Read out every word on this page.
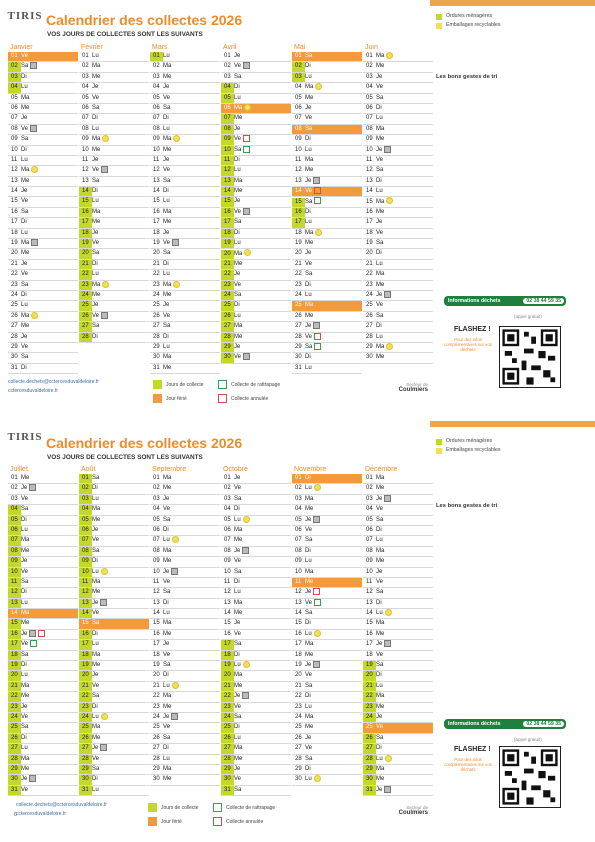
TIRIS Calendrier des collectes 2026
VOS JOURS DE COLLECTES SONT LES SUIVANTS
Janvier
01 Ve
02 Sa
03 Di
04 Lu
05 Ma
06 Me
07 Je
08 Ve
09 Sa
10 Di
11 Lu
12 Ma
13 Me
14 Je
15 Ve
16 Sa
17 Di
18 Lu
19 Ma
20 Me
21 Je
22 Ve
23 Sa
24 Di
25 Lu
26 Ma
27 Me
28 Je
29 Ve
30 Sa
31 Di
Février
01 Lu
02 Ma
03 Me
04 Je
05 Ve
06 Sa
07 Di
08 Lu
09 Ma
10 Me
11 Je
12 Ve
13 Sa
14 Di
15 Lu
16 Ma
17 Me
18 Je
19 Ve
20 Sa
21 Di
22 Lu
23 Ma
24 Me
25 Je
26 Ve
27 Sa
28 Di
Mars
01 Lu
02 Ma
03 Me
04 Je
05 Ve
06 Sa
07 Di
08 Lu
09 Ma
10 Me
11 Je
12 Ve
13 Sa
14 Di
15 Lu
16 Ma
17 Me
18 Je
19 Ve
20 Sa
21 Di
22 Lu
23 Ma
24 Me
25 Je
26 Ve
27 Sa
28 Di
29 Lu
30 Ma
31 Me
Avril
01 Je
02 Ve
03 Sa
04 Di
05 Lu
06 Ma
07 Me
08 Je
09 Ve
10 Sa
11 Di
12 Lu
13 Ma
14 Me
15 Je
16 Ve
17 Sa
18 Di
19 Lu
20 Ma
21 Me
22 Je
23 Ve
24 Sa
25 Di
26 Lu
27 Ma
28 Me
29 Je
30 Ve
Mai
01 Sa
02 Di
03 Lu
04 Ma
05 Me
06 Je
07 Ve
08 Sa
09 Di
10 Lu
11 Ma
12 Me
13 Je
14 Ve
15 Sa
16 Di
17 Lu
18 Ma
19 Me
20 Je
21 Ve
22 Sa
23 Di
24 Lu
25 Ma
26 Me
27 Je
28 Ve
29 Sa
30 Di
31 Lu
Juin
01 Ma
02 Me
03 Je
04 Ve
05 Sa
06 Di
07 Lu
08 Ma
09 Me
10 Je
11 Ve
12 Sa
13 Di
14 Lu
15 Ma
16 Me
17 Je
18 Ve
19 Sa
20 Di
21 Lu
22 Ma
23 Me
24 Je
25 Ve
26 Sa
27 Di
28 Lu
29 Ma
30 Me
Ordures ménagères
Emballages recyclables
Les bons gestes de tri
Informations déchets	02 38 44 59 35
(appel gratuit)
FLASHEZ !
Pour des infos complémentaires sur vos déchets
collecte.dechets@cctercesduvaldeloire.fr
cctercesduvaldeloire.fr
Jours de collecte
Jour férié
Collecte de rattrapage
Collecte annulée
Secteur de
Coulmiers
TIRIS Calendrier des collectes 2026
VOS JOURS DE COLLECTES SONT LES SUIVANTS
Juillet
01 Me
02 Je
03 Ve
04 Sa
05 Di
06 Lu
07 Ma
08 Me
09 Je
10 Ve
11 Sa
12 Di
13 Lu
14 Ma
15 Me
16 Je
17 Ve
18 Sa
19 Di
20 Lu
21 Ma
22 Me
23 Je
24 Ve
25 Sa
26 Di
27 Lu
28 Ma
29 Me
30 Je
31 Ve
Août
01 Sa
02 Di
03 Lu
04 Ma
05 Me
06 Je
07 Ve
08 Sa
09 Di
10 Lu
11 Ma
12 Me
13 Je
14 Ve
15 Sa
16 Di
17 Lu
18 Ma
19 Me
20 Je
21 Ve
22 Sa
23 Di
24 Lu
25 Ma
26 Me
27 Je
28 Ve
29 Sa
30 Di
31 Lu
Septembre
01 Ma
02 Me
03 Je
04 Ve
05 Sa
06 Di
07 Lu
08 Ma
09 Me
10 Je
11 Ve
12 Sa
13 Di
14 Lu
15 Ma
16 Me
17 Je
18 Ve
19 Sa
20 Di
21 Lu
22 Ma
23 Me
24 Je
25 Ve
26 Sa
27 Di
28 Lu
29 Ma
30 Me
Octobre
01 Je
02 Ve
03 Sa
04 Di
05 Lu
06 Ma
07 Me
08 Je
09 Ve
10 Sa
11 Di
12 Lu
13 Ma
14 Me
15 Je
16 Ve
17 Sa
18 Di
19 Lu
20 Ma
21 Me
22 Je
23 Ve
24 Sa
25 Di
26 Lu
27 Ma
28 Me
29 Je
30 Ve
31 Sa
Novembre
01 Di
02 Lu
03 Ma
04 Me
05 Je
06 Ve
07 Sa
08 Di
09 Lu
10 Ma
11 Me
12 Je
13 Ve
14 Sa
15 Di
16 Lu
17 Ma
18 Me
19 Je
20 Ve
21 Sa
22 Di
23 Lu
24 Ma
25 Me
26 Je
27 Ve
28 Sa
29 Di
30 Lu
Décembre
01 Ma
02 Me
03 Je
04 Ve
05 Sa
06 Di
07 Lu
08 Ma
09 Me
10 Je
11 Ve
12 Sa
13 Di
14 Lu
15 Ma
16 Me
17 Je
18 Ve
19 Sa
20 Di
21 Lu
22 Ma
23 Me
24 Je
25 Ve
26 Sa
27 Di
28 Lu
29 Ma
30 Me
31 Je
Ordures ménagères
Emballages recyclables
Les bons gestes de tri
Informations déchets	02 38 44 59 35
(appel gratuit)
FLASHEZ !
Pour des infos complémentaires sur vos déchets
collecte.dechets@cctercesduvaldeloire.fr
cctercesduvaldeloire.fr
6
Jours de collecte
Jour férié
Collecte de rattrapage
Collecte annulée
Secteur de
Coulmiers
